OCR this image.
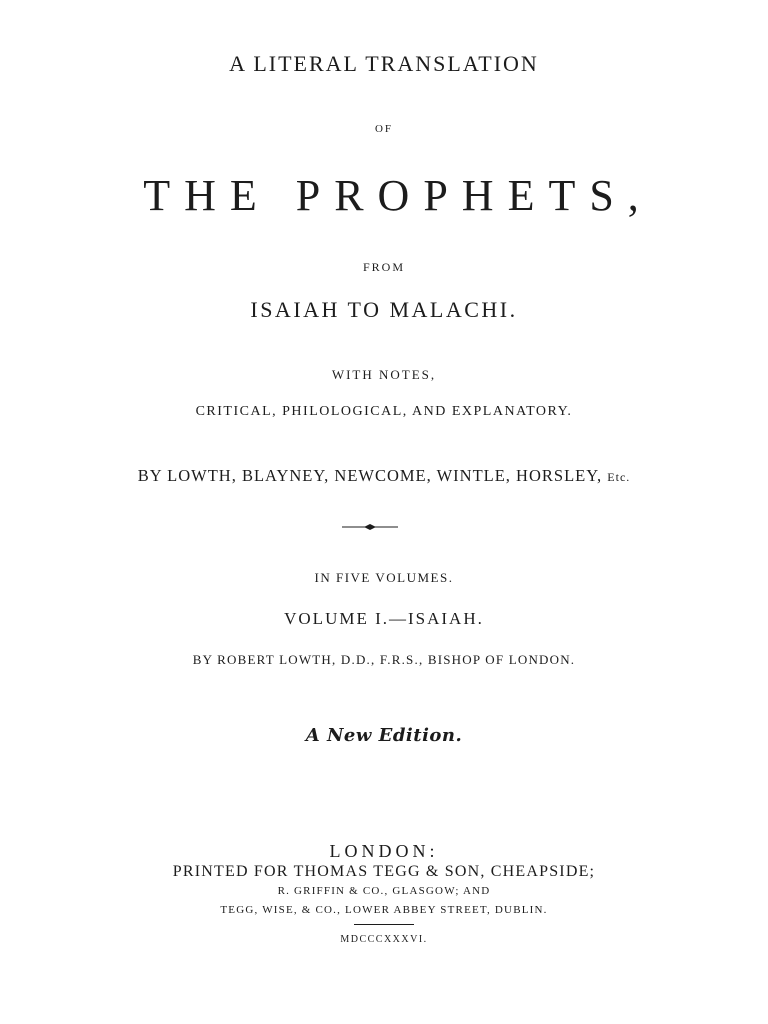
A LITERAL TRANSLATION
OF
THE PROPHETS,
FROM
ISAIAH TO MALACHI.
WITH NOTES,
CRITICAL, PHILOLOGICAL, AND EXPLANATORY.
BY LOWTH, BLAYNEY, NEWCOME, WINTLE, HORSLEY, Etc.
IN FIVE VOLUMES.
VOLUME I.—ISAIAH.
BY ROBERT LOWTH, D.D., F.R.S., BISHOP OF LONDON.
A New Edition.
LONDON:
PRINTED FOR THOMAS TEGG & SON, CHEAPSIDE;
R. GRIFFIN & CO., GLASGOW; AND
TEGG, WISE, & CO., LOWER ABBEY STREET, DUBLIN.
MDCCCXXXVI.
